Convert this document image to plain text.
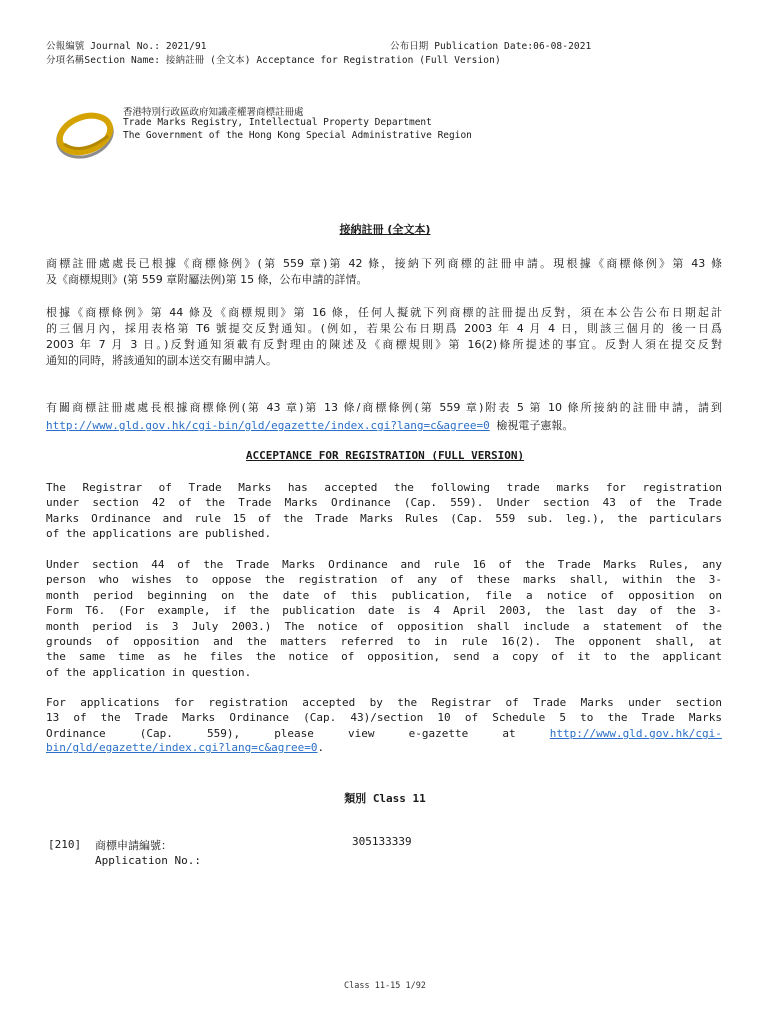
公報編號 Journal No.: 2021/91	公布日期 Publication Date:06-08-2021
分項名稱Section Name: 接納註冊 (全文本) Acceptance for Registration (Full Version)
香港特別行政區政府知識產權署商標註冊處
Trade Marks Registry, Intellectual Property Department
The Government of the Hong Kong Special Administrative Region
接納註冊 (全文本)
商標註冊處處長已根據《商標條例》(第 559 章)第 42 條，接納下列商標的註冊申請。現根據《商標條例》第 43 條
及《商標規則》(第 559 章附屬法例)第 15 條，公布申請的詳情。
根據《商標條例》第 44 條及《商標規則》第 16 條，任何人擬就下列商標的註冊提出反對，須在本公告公布日期起計
的三個月內，採用表格第 T6 號提交反對通知。(例如，若果公布日期爲 2003 年 4 月 4 日，則該三個月的 後一日爲
2003 年 7 月 3 日。)反對通知須載有反對理由的陳述及《商標規則》第 16(2)條所提述的事宜。反對人須在提交反對
通知的同時，將該通知的副本送交有關申請人。
有關商標註冊處處長根據商標條例(第 43 章)第 13 條/商標條例(第 559 章)附表 5 第 10 條所接納的註冊申請，請到
http://www.gld.gov.hk/cgi-bin/gld/egazette/index.cgi?lang=c&agree=0 檢視電子憲報。
ACCEPTANCE FOR REGISTRATION (FULL VERSION)
The Registrar of Trade Marks has accepted the following trade marks for registration
under section 42 of the Trade Marks Ordinance (Cap. 559). Under section 43 of the Trade
Marks Ordinance and rule 15 of the Trade Marks Rules (Cap. 559 sub. leg.), the particulars
of the applications are published.
Under section 44 of the Trade Marks Ordinance and rule 16 of the Trade Marks Rules, any
person who wishes to oppose the registration of any of these marks shall, within the 3-
month period beginning on the date of this publication, file a notice of opposition on
Form T6. (For example, if the publication date is 4 April 2003, the last day of the 3-
month period is 3 July 2003.) The notice of opposition shall include a statement of the
grounds of opposition and the matters referred to in rule 16(2). The opponent shall, at
the same time as he files the notice of opposition, send a copy of it to the applicant
of the application in question.
For applications for registration accepted by the Registrar of Trade Marks under section
13 of the Trade Marks Ordinance (Cap. 43)/section 10 of Schedule 5 to the Trade Marks
Ordinance	(Cap.	559),	please	view	e-gazette	at	http://www.gld.gov.hk/cgi-
bin/gld/egazette/index.cgi?lang=c&agree=0.
類別 Class 11
[210] 商標申請編號：
Application No.:
305133339
Class 11-15 1/92
